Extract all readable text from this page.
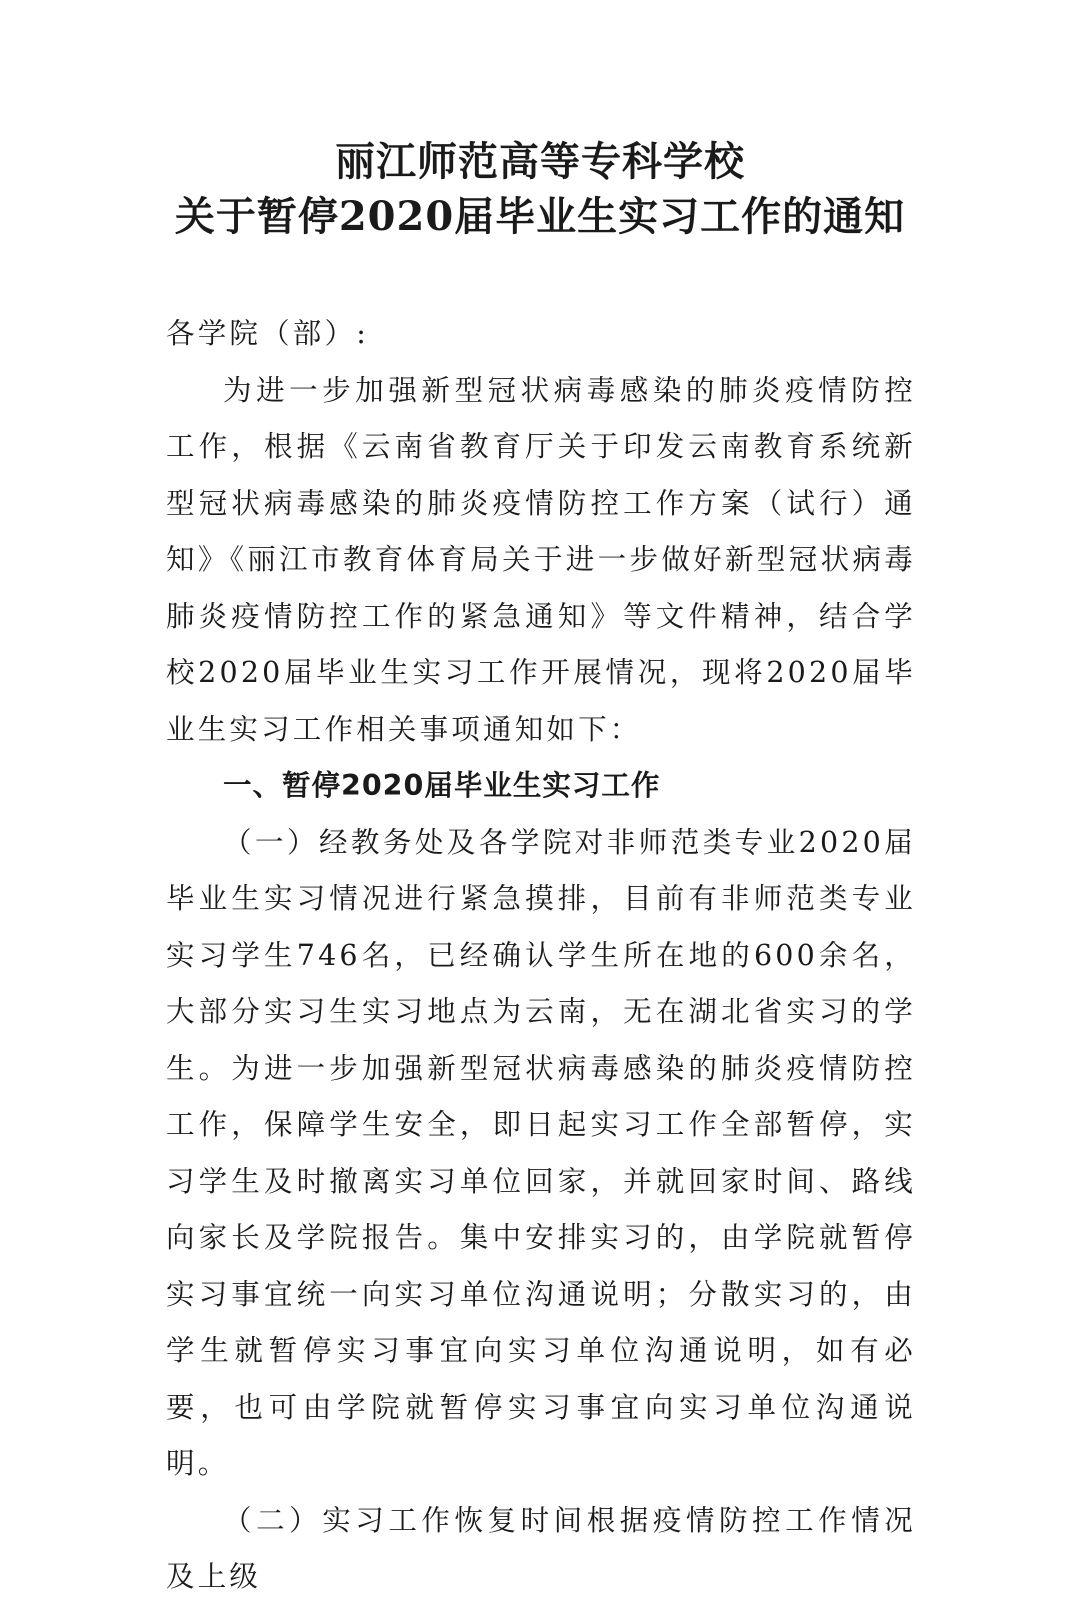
丽江师范高等专科学校
关于暂停2020届毕业生实习工作的通知

各学院（部）:

为进一步加强新型冠状病毒感染的肺炎疫情防控工作，根据《云南省教育厅关于印发云南教育系统新型冠状病毒感染的肺炎疫情防控工作方案（试行）通知》《丽江市教育体育局关于进一步做好新型冠状病毒肺炎疫情防控工作的紧急通知》等文件精神，结合学校2020届毕业生实习工作开展情况，现将2020届毕业生实习工作相关事项通知如下：

一、暂停2020届毕业生实习工作

（一）经教务处及各学院对非师范类专业2020届毕业生实习情况进行紧急摸排，目前有非师范类专业实习学生746名，已经确认学生所在地的600余名，大部分实习生实习地点为云南，无在湖北省实习的学生。为进一步加强新型冠状病毒感染的肺炎疫情防控工作，保障学生安全，即日起实习工作全部暂停，实习学生及时撤离实习单位回家，并就回家时间、路线向家长及学院报告。集中安排实习的，由学院就暂停实习事宜统一向实习单位沟通说明；分散实习的，由学生就暂停实习事宜向实习单位沟通说明，如有必要，也可由学院就暂停实习事宜向实习单位沟通说明。

（二）实习工作恢复时间根据疫情防控工作情况及上级
